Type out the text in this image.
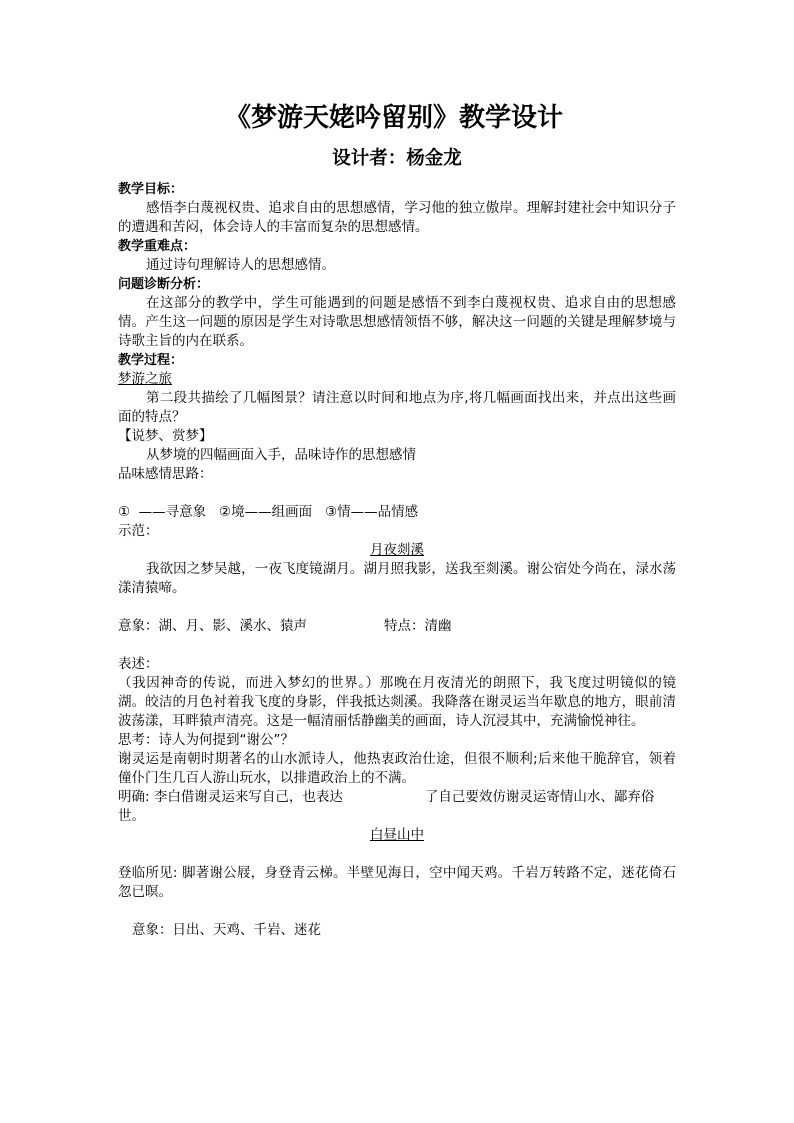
《梦游天姥吟留别》教学设计
设计者：杨金龙
教学目标：
感悟李白蔑视权贵、追求自由的思想感情，学习他的独立傲岸。理解封建社会中知识分子的遭遇和苦闷，体会诗人的丰富而复杂的思想感情。
教学重难点：
通过诗句理解诗人的思想感情。
问题诊断分析：
在这部分的教学中，学生可能遇到的问题是感悟不到李白蔑视权贵、追求自由的思想感情。产生这一问题的原因是学生对诗歌思想感情领悟不够，解决这一问题的关键是理解梦境与诗歌主旨的内在联系。
教学过程：
梦游之旅
第二段共描绘了几幅图景？请注意以时间和地点为序,将几幅画面找出来，并点出这些画面的特点？
【说梦、赏梦】
从梦境的四幅画面入手，品味诗作的思想感情
品味感情思路：
①  ——寻意象   ②境——组画面   ③情——品情感
示范：
月夜剡溪
我欲因之梦吴越，一夜飞度镜湖月。湖月照我影，送我至剡溪。谢公宿处今尚在，渌水荡漾清猿啼。
意象：湖、月、影、溪水、猿声	特点：清幽
表述：
（我因神奇的传说，而进入梦幻的世界。）那晚在月夜清光的朗照下，我飞度过明镜似的镜湖。皎洁的月色衬着我飞度的身影，伴我抵达剡溪。我降落在谢灵运当年歇息的地方，眼前清波荡漾，耳畔猿声清亮。这是一幅清丽恬静幽美的画面，诗人沉浸其中，充满愉悦神往。
思考：诗人为何提到“谢公”？
谢灵运是南朝时期著名的山水派诗人，他热衷政治仕途，但很不顺利;后来他干脆辞官，领着僮仆门生几百人游山玩水，以排遣政治上的不满。
明确: 李白借谢灵运来写自己，也表达	了自己要效仿谢灵运寄情山水、鄙弃俗世。
白昼山中
登临所见: 脚著谢公屐，身登青云梯。半壁见海日，空中闻天鸡。千岩万转路不定，迷花倚石忽已暝。
意象：日出、天鸡、千岩、迷花
